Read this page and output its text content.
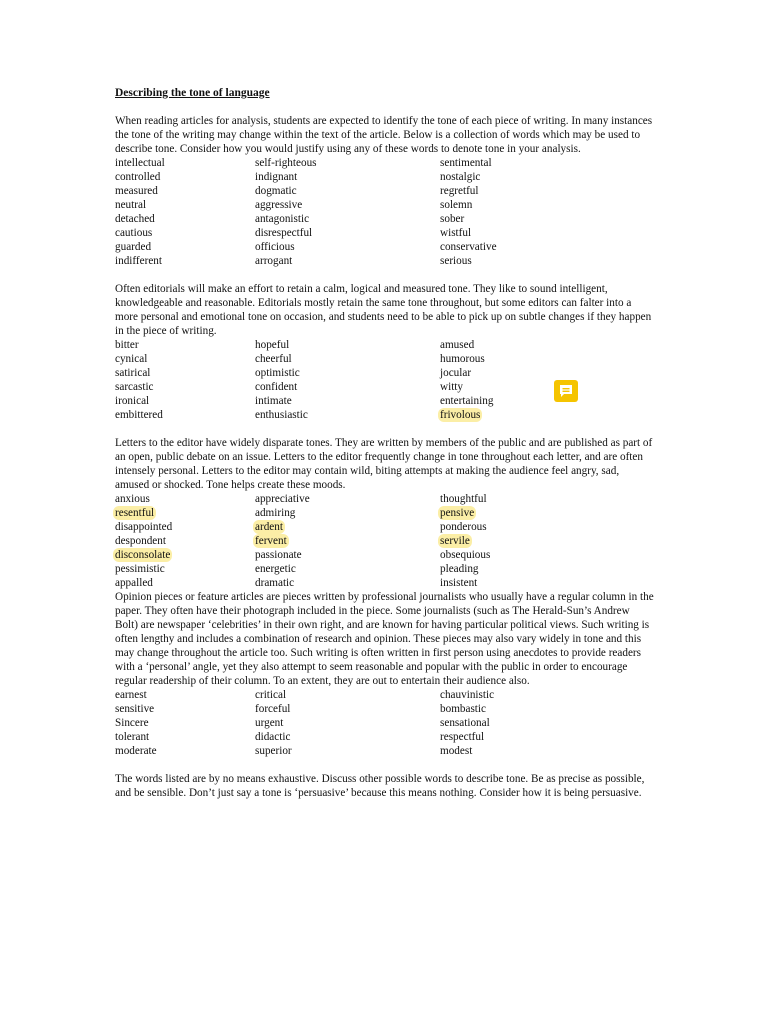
Describing the tone of language

When reading articles for analysis, students are expected to identify the tone of each piece of writing. In many instances the tone of the writing may change within the text of the article. Below is a collection of words which may be used to describe tone. Consider how you would justify using any of these words to denote tone in your analysis.

intellectual	self-righteous	sentimental
controlled	indignant	nostalgic
measured	dogmatic	regretful
neutral	aggressive	solemn
detached	antagonistic	sober
cautious	disrespectful	wistful
guarded	officious	conservative
indifferent	arrogant	serious

Often editorials will make an effort to retain a calm, logical and measured tone. They like to sound intelligent, knowledgeable and reasonable. Editorials mostly retain the same tone throughout, but some editors can falter into a more personal and emotional tone on occasion, and students need to be able to pick up on subtle changes if they happen in the piece of writing.

bitter	hopeful	amused
cynical	cheerful	humorous
satirical	optimistic	jocular
sarcastic	confident	witty
ironical	intimate	entertaining
embittered	enthusiastic	frivolous

Letters to the editor have widely disparate tones. They are written by members of the public and are published as part of an open, public debate on an issue. Letters to the editor frequently change in tone throughout each letter, and are often intensely personal. Letters to the editor may contain wild, biting attempts at making the audience feel angry, sad, amused or shocked. Tone helps create these moods.

anxious	appreciative	thoughtful
resentful	admiring	pensive
disappointed	ardent	ponderous
despondent	fervent	servile
disconsolate	passionate	obsequious
pessimistic	energetic	pleading
appalled	dramatic	insistent

Opinion pieces or feature articles are pieces written by professional journalists who usually have a regular column in the paper. They often have their photograph included in the piece. Some journalists (such as The Herald-Sun’s Andrew Bolt) are newspaper ‘celebrities’ in their own right, and are known for having particular political views. Such writing is often lengthy and includes a combination of research and opinion. These pieces may also vary widely in tone and this may change throughout the article too. Such writing is often written in first person using anecdotes to provide readers with a ‘personal’ angle, yet they also attempt to seem reasonable and popular with the public in order to encourage regular readership of their column. To an extent, they are out to entertain their audience also.

earnest	critical	chauvinistic
sensitive	forceful	bombastic
Sincere	urgent	sensational
tolerant	didactic	respectful
moderate	superior	modest

The words listed are by no means exhaustive. Discuss other possible words to describe tone. Be as precise as possible, and be sensible. Don’t just say a tone is ‘persuasive’ because this means nothing. Consider how it is being persuasive.
